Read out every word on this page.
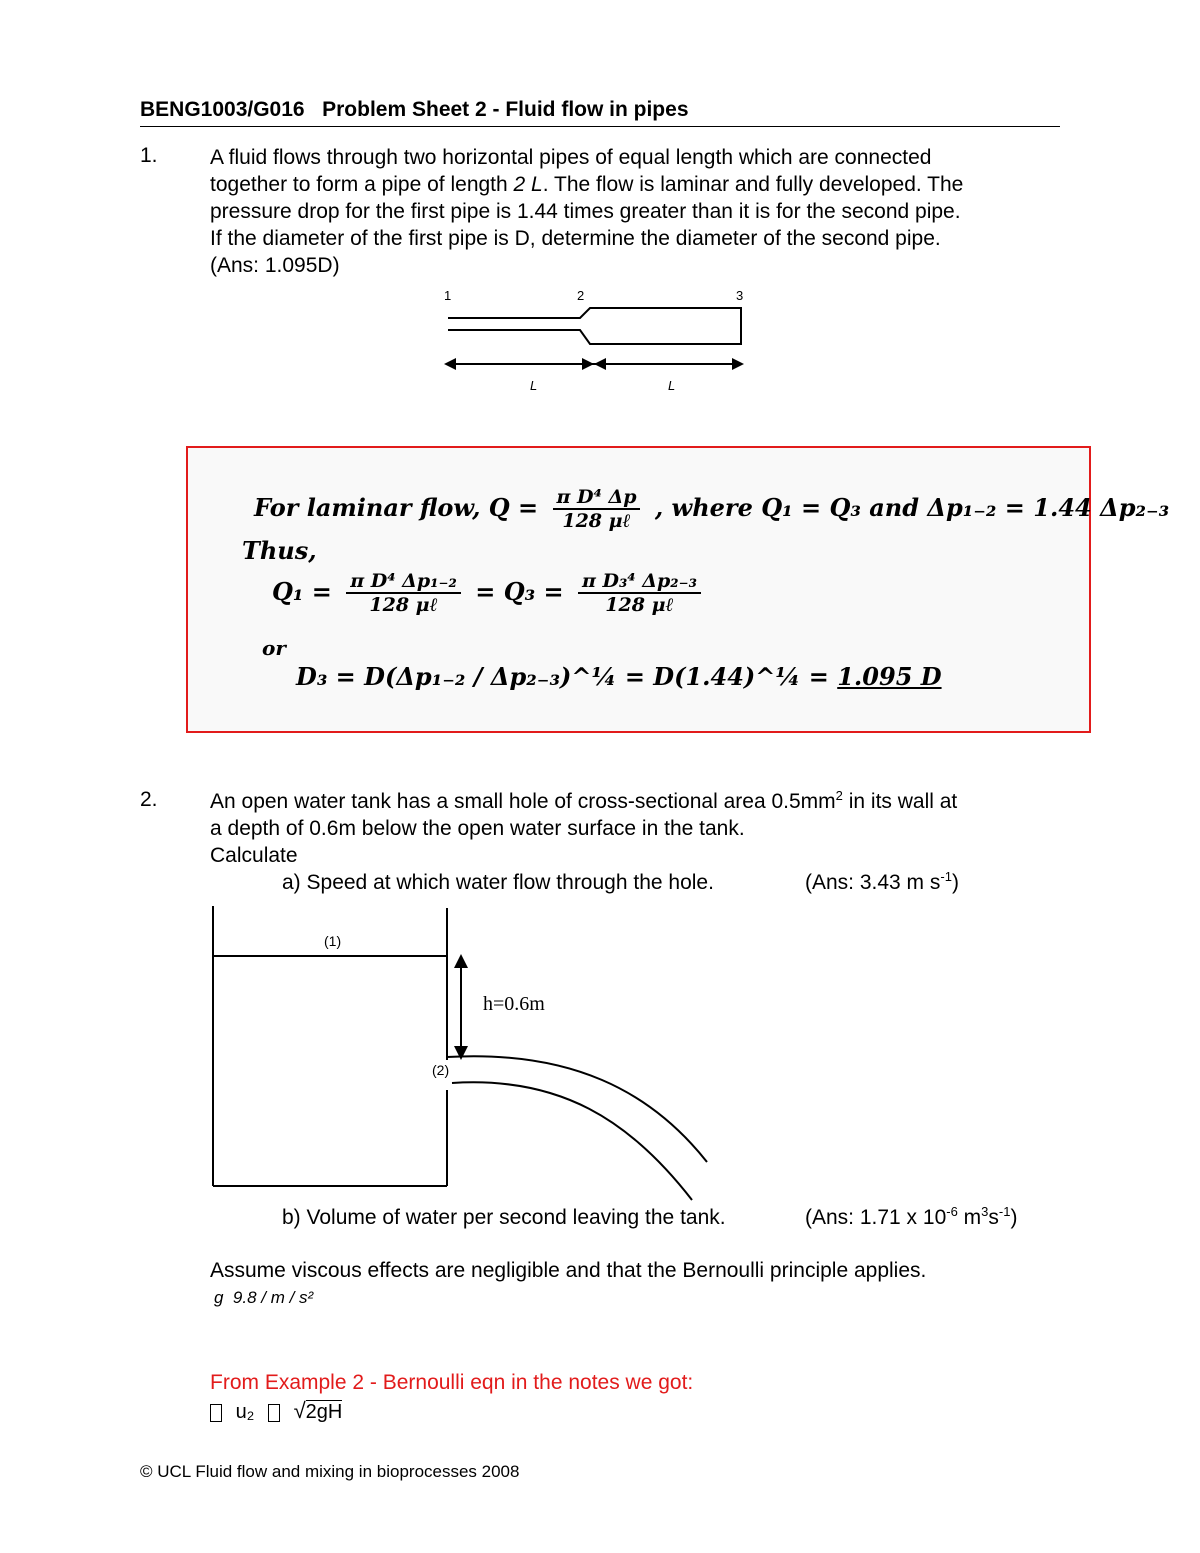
BENG1003/G016 Problem Sheet 2 - Fluid flow in pipes
1. A fluid flows through two horizontal pipes of equal length which are connected
together to form a pipe of length 2 L. The flow is laminar and fully developed. The
pressure drop for the first pipe is 1.44 times greater than it is for the second pipe.
If the diameter of the first pipe is D, determine the diameter of the second pipe.
(Ans: 1.095D)
1	2	3
L	L
For laminar flow, Q = π D⁴ Δp
128 μℓ	, where Q₁ = Q₃ and Δp₁₋₂ = 1.44 Δp₂₋₃
Thus,
Q₁ = π D⁴ Δp₁₋₂
128 μℓ	= Q₃ = π D₃⁴ Δp₂₋₃
128 μℓ
or
D₃ = D(Δp₁₋₂ / Δp₂₋₃)^¼ = D(1.44)^¼ = 1.095 D
2. An open water tank has a small hole of cross-sectional area $0.5mm^2$ in its wall at
a depth of 0.6m below the open water surface in the tank.
Calculate
a) Speed at which water flow through the hole.	(Ans: 3.43 m $s^{-1}$)
(1)
(2)
h=0.6m
b) Volume of water per second leaving the tank.	(Ans: 1.71 x $10^{-6}$ $m^3s^{-1}$)
Assume viscous effects are negligible and that the Bernoulli principle applies.
g  9.8 / m / s²
From Example 2 - Bernoulli eqn in the notes we got:
u₂ √2gH
© UCL Fluid flow and mixing in bioprocesses 2008
